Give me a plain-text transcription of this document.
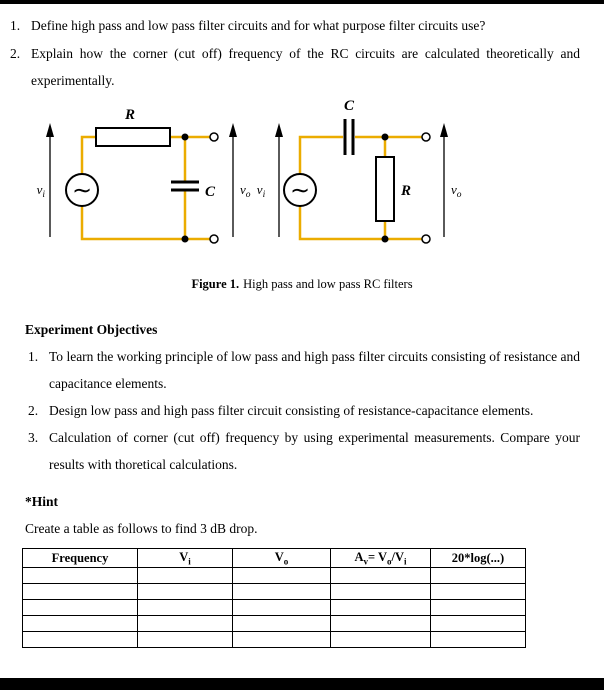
1. Define high pass and low pass filter circuits and for what purpose filter circuits use?
2. Explain how the corner (cut off) frequency of the RC circuits are calculated theoretically and experimentally.
$v_i$
R
C
∼	$v_o$ $v_i$
C
R
∼	$v_o$
Figure 1. High pass and low pass RC filters
Experiment Objectives
1. To learn the working principle of low pass and high pass filter circuits consisting of resistance and capacitance elements.
2. Design low pass and high pass filter circuit consisting of resistance-capacitance elements.
3. Calculation of corner (cut off) frequency by using experimental measurements. Compare your results with thoretical calculations.
*Hint
Create a table as follows to find 3 dB drop.
Frequency	$V_i$	$V_o$	$A_v= V_o/V_i$	20*log(...)
